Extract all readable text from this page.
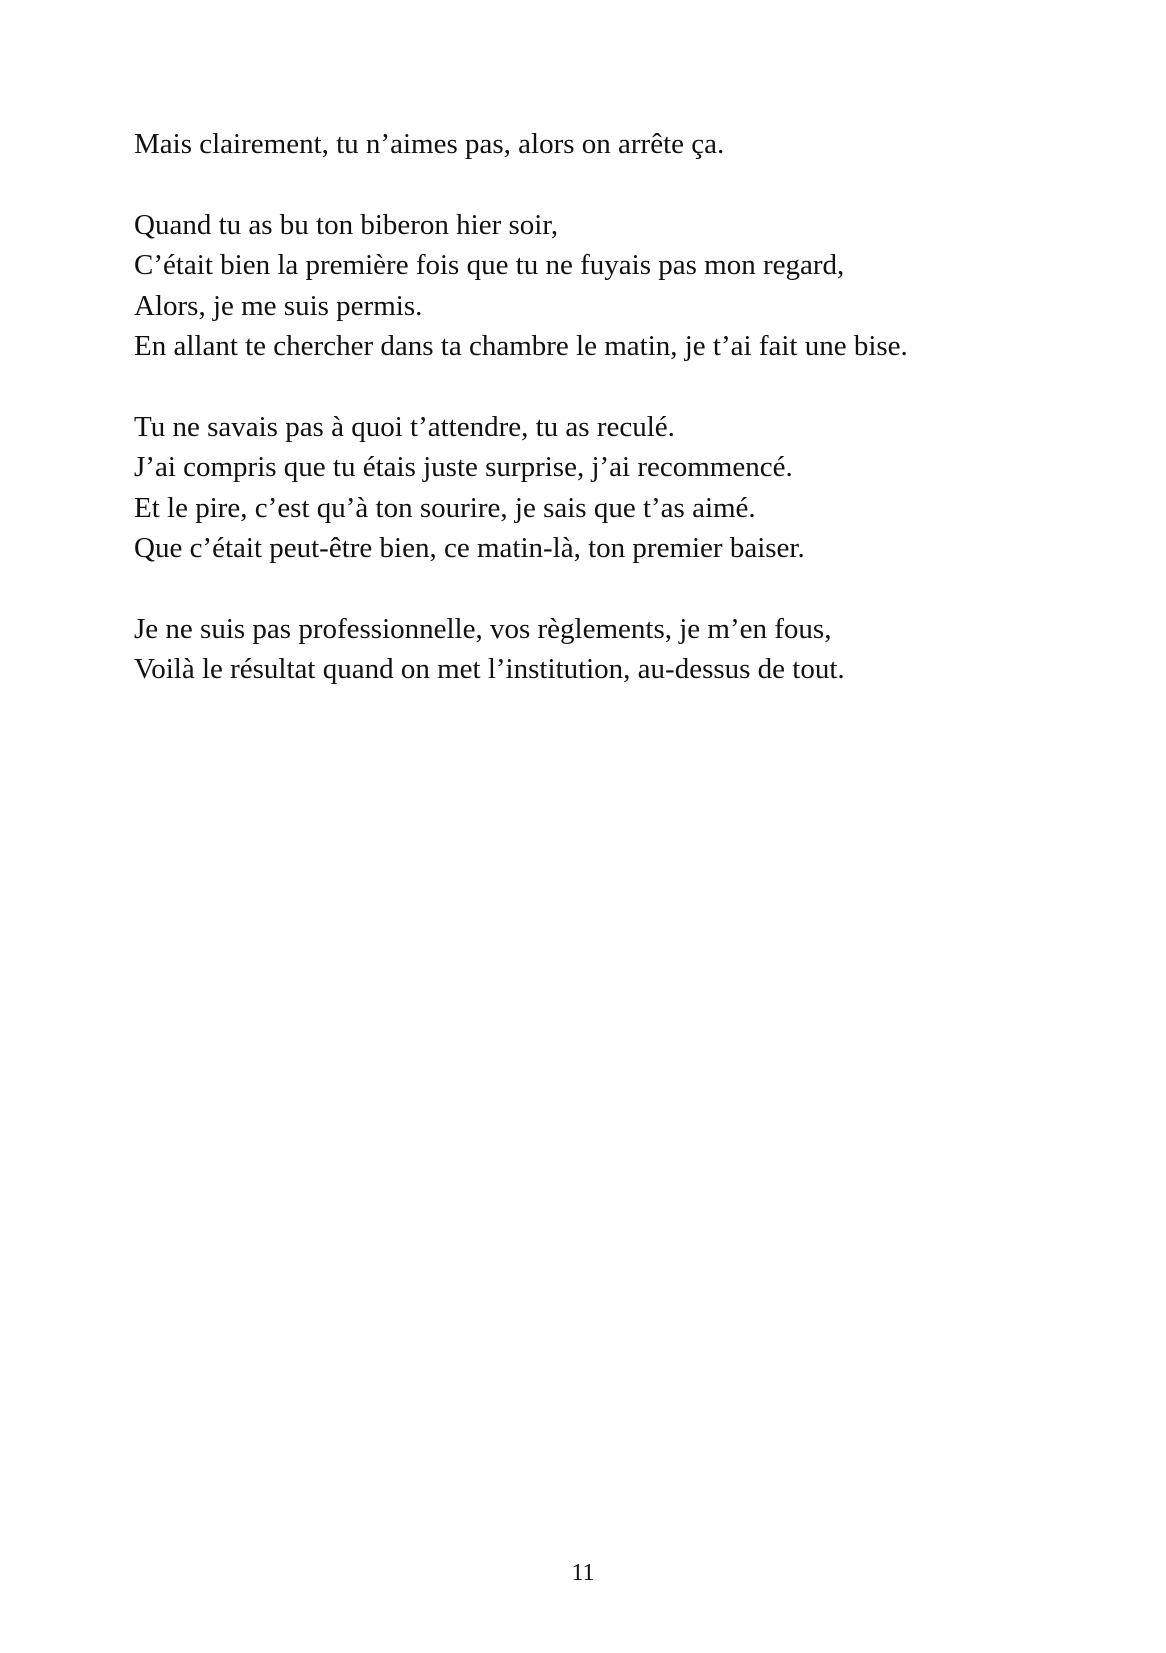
Mais clairement, tu n’aimes pas, alors on arrête ça.
Quand tu as bu ton biberon hier soir,
C’était bien la première fois que tu ne fuyais pas mon regard,
Alors, je me suis permis.
En allant te chercher dans ta chambre le matin, je t’ai fait une bise.
Tu ne savais pas à quoi t’attendre, tu as reculé.
J’ai compris que tu étais juste surprise, j’ai recommencé.
Et le pire, c’est qu’à ton sourire, je sais que t’as aimé.
Que c’était peut-être bien, ce matin-là, ton premier baiser.
Je ne suis pas professionnelle, vos règlements, je m’en fous,
Voilà le résultat quand on met l’institution, au-dessus de tout.
11
